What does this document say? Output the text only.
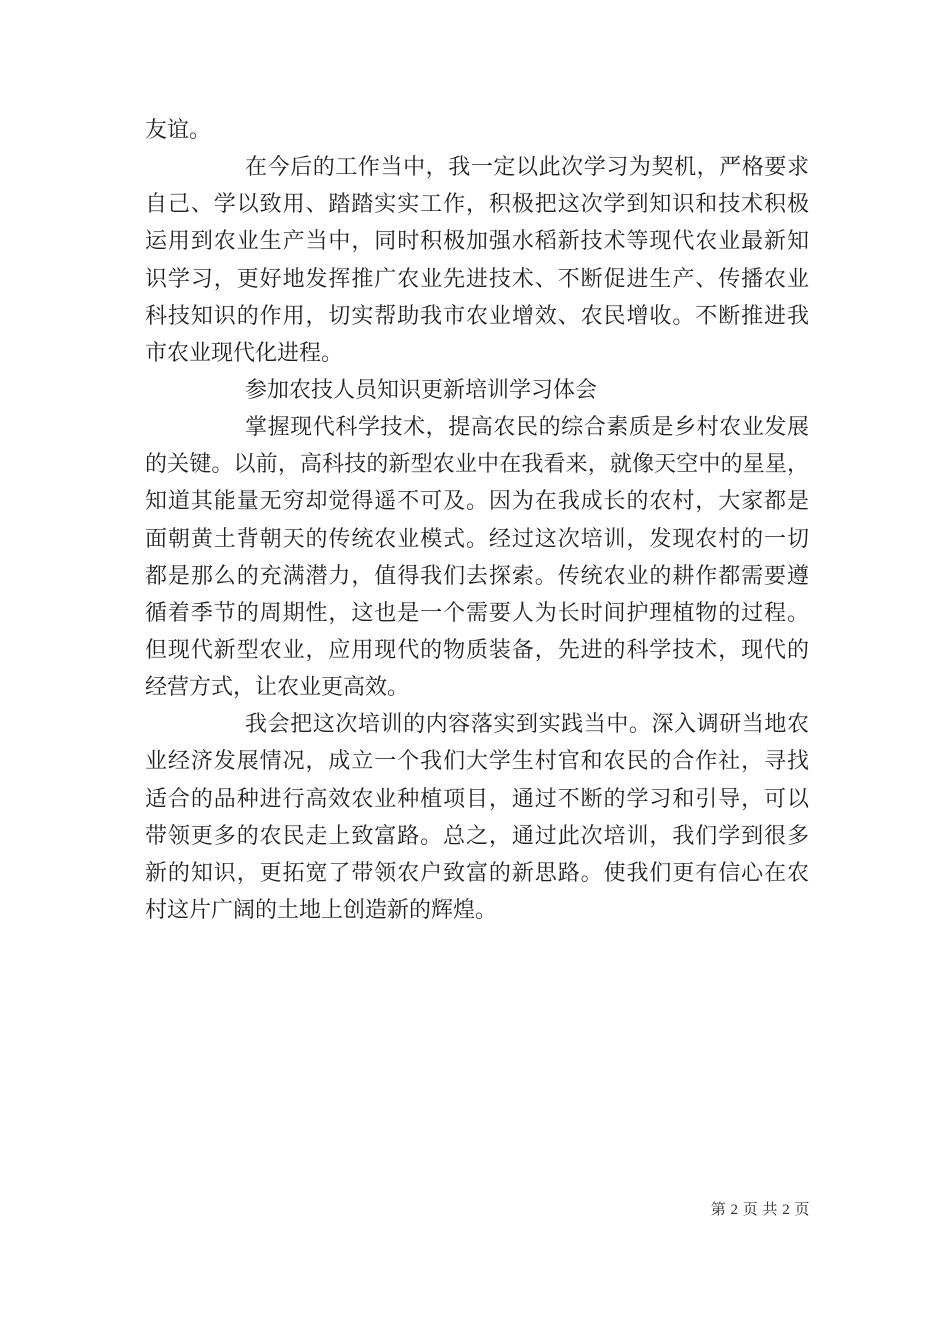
友谊。
在今后的工作当中，我一定以此次学习为契机，严格要求
自己、学以致用、踏踏实实工作，积极把这次学到知识和技术积极
运用到农业生产当中，同时积极加强水稻新技术等现代农业最新知
识学习，更好地发挥推广农业先进技术、不断促进生产、传播农业
科技知识的作用，切实帮助我市农业增效、农民增收。不断推进我
市农业现代化进程。
参加农技人员知识更新培训学习体会
掌握现代科学技术，提高农民的综合素质是乡村农业发展
的关键。以前，高科技的新型农业中在我看来，就像天空中的星星，
知道其能量无穷却觉得遥不可及。因为在我成长的农村，大家都是
面朝黄土背朝天的传统农业模式。经过这次培训，发现农村的一切
都是那么的充满潜力，值得我们去探索。传统农业的耕作都需要遵
循着季节的周期性，这也是一个需要人为长时间护理植物的过程。
但现代新型农业，应用现代的物质装备，先进的科学技术，现代的
经营方式，让农业更高效。
我会把这次培训的内容落实到实践当中。深入调研当地农
业经济发展情况，成立一个我们大学生村官和农民的合作社，寻找
适合的品种进行高效农业种植项目，通过不断的学习和引导，可以
带领更多的农民走上致富路。总之，通过此次培训，我们学到很多
新的知识，更拓宽了带领农户致富的新思路。使我们更有信心在农
村这片广阔的土地上创造新的辉煌。
第 2 页 共 2 页
